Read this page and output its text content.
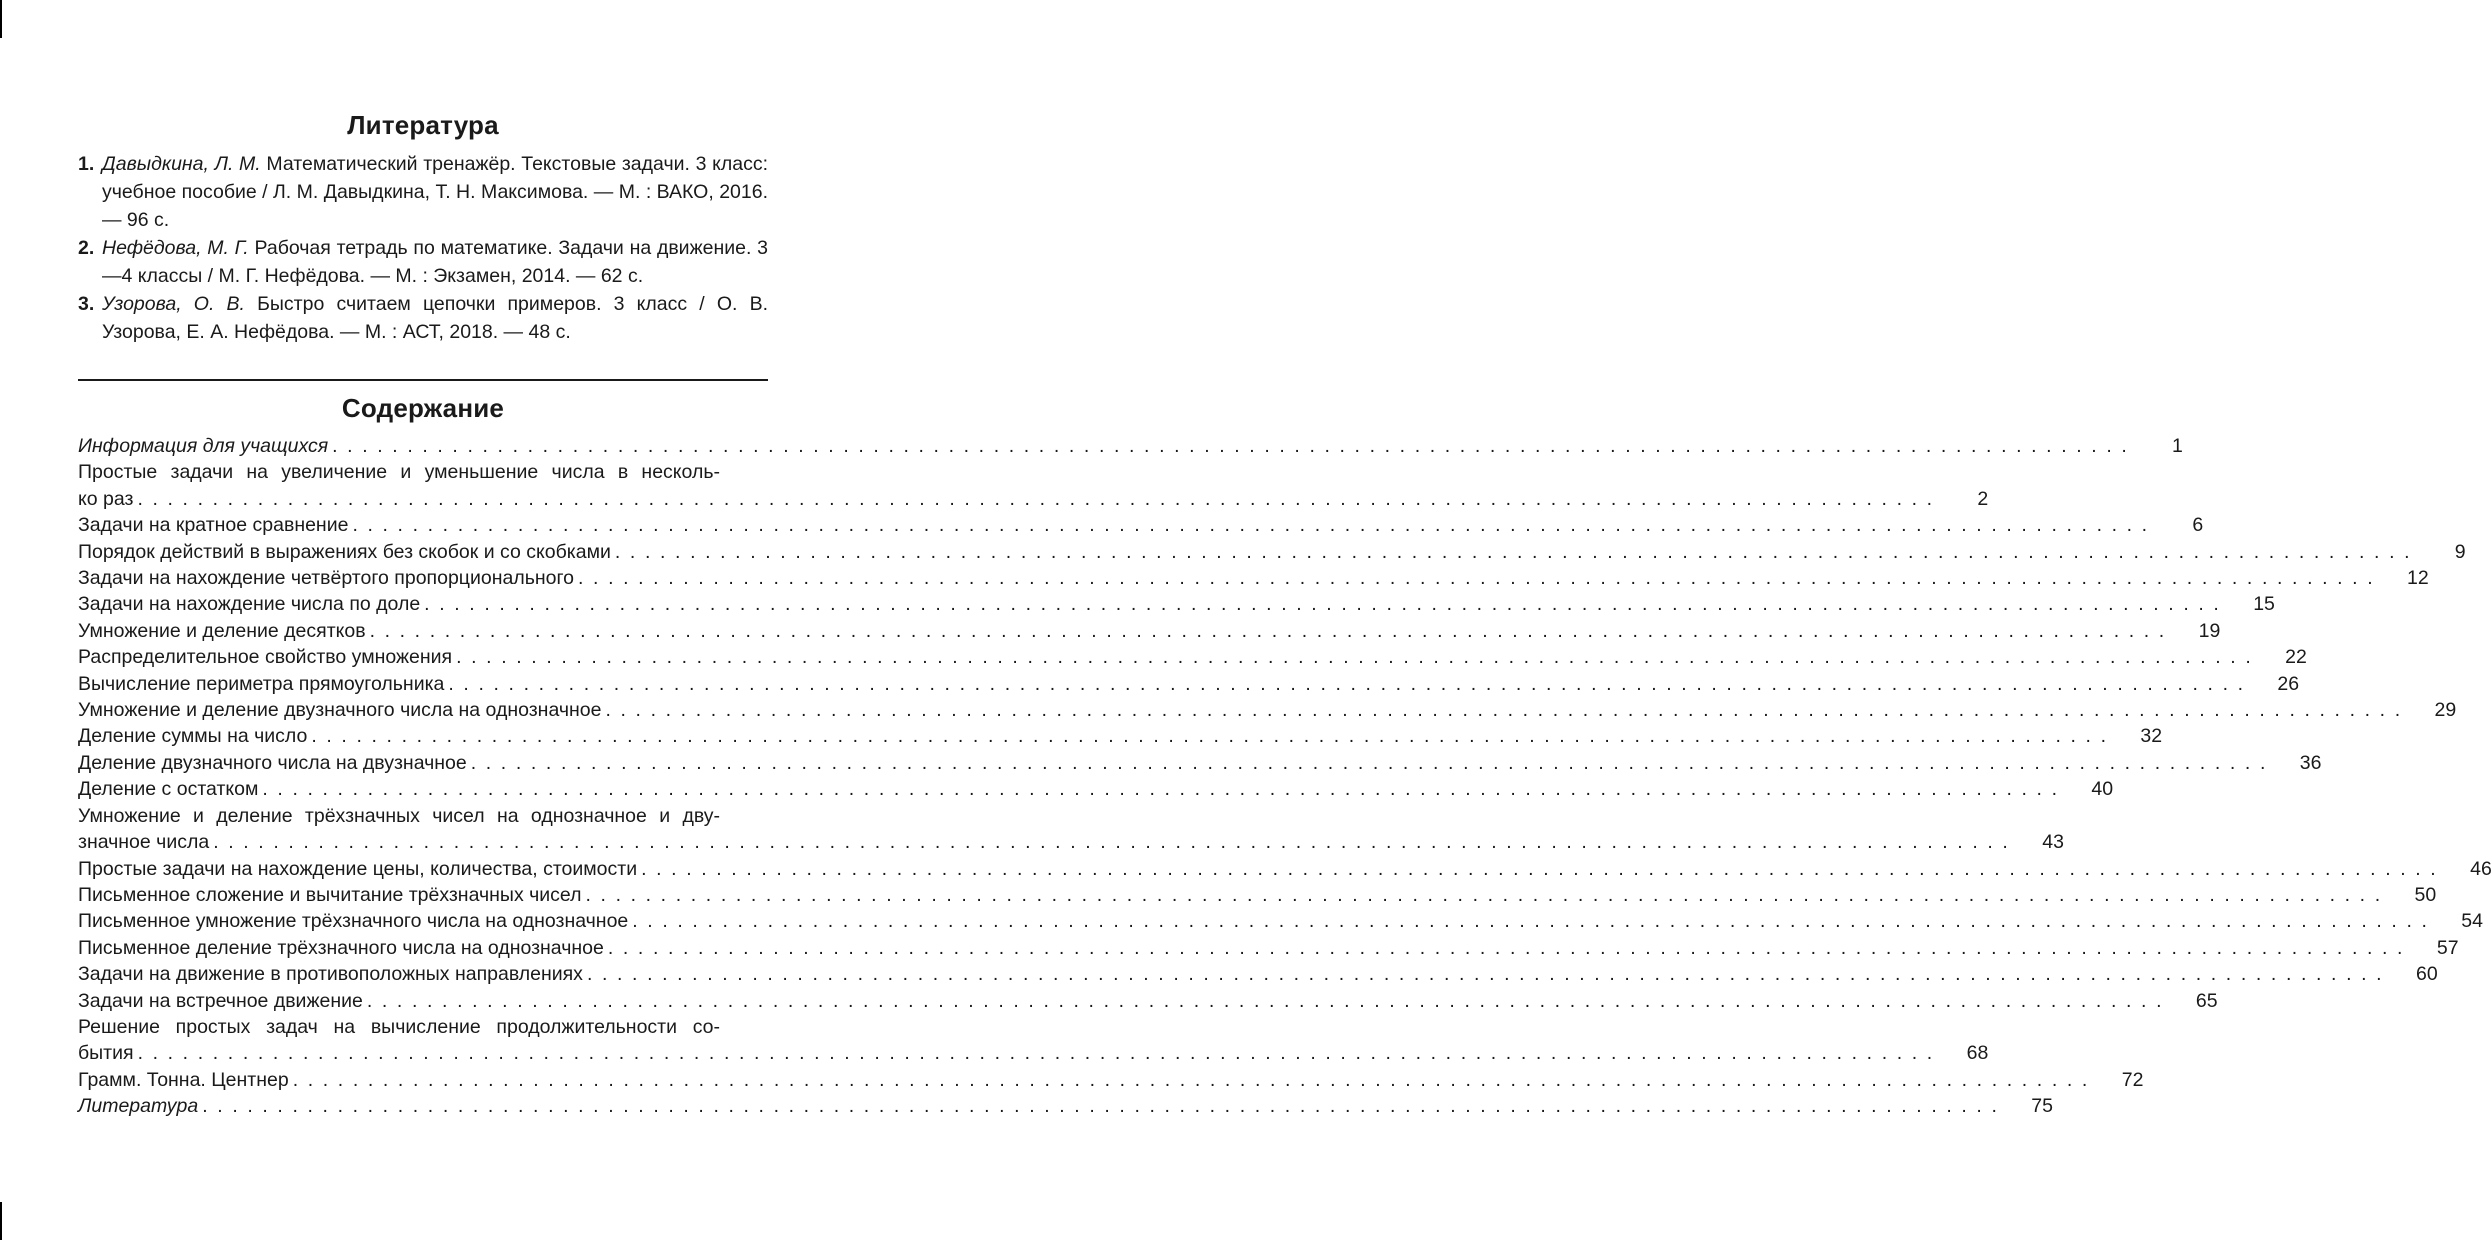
Литература
1. Давыдкина, Л. М. Математический тренажёр. Текстовые задачи. 3 класс: учебное пособие / Л. М. Давыдкина, Т. Н. Максимова. — М. : ВАКО, 2016. — 96 с.
2. Нефёдова, М. Г. Рабочая тетрадь по математике. Задачи на движение. 3—4 классы / М. Г. Нефёдова. — М. : Экзамен, 2014. — 62 с.
3. Узорова, О. В. Быстро считаем цепочки примеров. 3 класс / О. В. Узорова, Е. А. Нефёдова. — М. : АСТ, 2018. — 48 с.
Содержание
Информация для учащихся . . . . . . . . . . . . . . . . . . . . . . . . . . . . . . . . . . . . . . . . . . . . . . . . . . . . . . . . . . . . . . . . . . . . . . . . . . . . . . . . . . . . . . . . . . . . . . . . . . . . . . . . . . . . . . . . . . . . . . . .	1
Простые задачи на увеличение и уменьшение числа в несколь-
ко раз . . . . . . . . . . . . . . . . . . . . . . . . . . . . . . . . . . . . . . . . . . . . . . . . . . . . . . . . . . . . . . . . . . . . . . . . . . . . . . . . . . . . . . . . . . . . . . . . . . . . . . . . . . . . . . . . . . . . . . . .	2
Задачи на кратное сравнение . . . . . . . . . . . . . . . . . . . . . . . . . . . . . . . . . . . . . . . . . . . . . . . . . . . . . . . . . . . . . . . . . . . . . . . . . . . . . . . . . . . . . . . . . . . . . . . . . . . . . . . . . . . . . . . . . . . . . . . .	6
Порядок действий в выражениях без скобок и со скобками . . . . . . . . . . . . . . . . . . . . . . . . . . . . . . . . . . . . . . . . . . . . . . . . . . . . . . . . . . . . . . . . . . . . . . . . . . . . . . . . . . . . . . . . . . . . . . . . . . . . . . . . . . . . . . . . . . . . . . . .	9
Задачи на нахождение четвёртого пропорционального . . . . . . . . . . . . . . . . . . . . . . . . . . . . . . . . . . . . . . . . . . . . . . . . . . . . . . . . . . . . . . . . . . . . . . . . . . . . . . . . . . . . . . . . . . . . . . . . . . . . . . . . . . . . . . . . . . . . . . . .	12
Задачи на нахождение числа по доле . . . . . . . . . . . . . . . . . . . . . . . . . . . . . . . . . . . . . . . . . . . . . . . . . . . . . . . . . . . . . . . . . . . . . . . . . . . . . . . . . . . . . . . . . . . . . . . . . . . . . . . . . . . . . . . . . . . . . . . .	15
Умножение и деление десятков . . . . . . . . . . . . . . . . . . . . . . . . . . . . . . . . . . . . . . . . . . . . . . . . . . . . . . . . . . . . . . . . . . . . . . . . . . . . . . . . . . . . . . . . . . . . . . . . . . . . . . . . . . . . . . . . . . . . . . . .	19
Распределительное свойство умножения . . . . . . . . . . . . . . . . . . . . . . . . . . . . . . . . . . . . . . . . . . . . . . . . . . . . . . . . . . . . . . . . . . . . . . . . . . . . . . . . . . . . . . . . . . . . . . . . . . . . . . . . . . . . . . . . . . . . . . . .	22
Вычисление периметра прямоугольника . . . . . . . . . . . . . . . . . . . . . . . . . . . . . . . . . . . . . . . . . . . . . . . . . . . . . . . . . . . . . . . . . . . . . . . . . . . . . . . . . . . . . . . . . . . . . . . . . . . . . . . . . . . . . . . . . . . . . . . .	26
Умножение и деление двузначного числа на однозначное . . . . . . . . . . . . . . . . . . . . . . . . . . . . . . . . . . . . . . . . . . . . . . . . . . . . . . . . . . . . . . . . . . . . . . . . . . . . . . . . . . . . . . . . . . . . . . . . . . . . . . . . . . . . . . . . . . . . . . . .	29
Деление суммы на число . . . . . . . . . . . . . . . . . . . . . . . . . . . . . . . . . . . . . . . . . . . . . . . . . . . . . . . . . . . . . . . . . . . . . . . . . . . . . . . . . . . . . . . . . . . . . . . . . . . . . . . . . . . . . . . . . . . . . . . .	32
Деление двузначного числа на двузначное . . . . . . . . . . . . . . . . . . . . . . . . . . . . . . . . . . . . . . . . . . . . . . . . . . . . . . . . . . . . . . . . . . . . . . . . . . . . . . . . . . . . . . . . . . . . . . . . . . . . . . . . . . . . . . . . . . . . . . . .	36
Деление с остатком . . . . . . . . . . . . . . . . . . . . . . . . . . . . . . . . . . . . . . . . . . . . . . . . . . . . . . . . . . . . . . . . . . . . . . . . . . . . . . . . . . . . . . . . . . . . . . . . . . . . . . . . . . . . . . . . . . . . . . . .	40
Умножение и деление трёхзначных чисел на однозначное и дву-
значное числа . . . . . . . . . . . . . . . . . . . . . . . . . . . . . . . . . . . . . . . . . . . . . . . . . . . . . . . . . . . . . . . . . . . . . . . . . . . . . . . . . . . . . . . . . . . . . . . . . . . . . . . . . . . . . . . . . . . . . . . .	43
Простые задачи на нахождение цены, количества, стоимости . . . . . . . . . . . . . . . . . . . . . . . . . . . . . . . . . . . . . . . . . . . . . . . . . . . . . . . . . . . . . . . . . . . . . . . . . . . . . . . . . . . . . . . . . . . . . . . . . . . . . . . . . . . . . . . . . . . . . . . .	46
Письменное сложение и вычитание трёхзначных чисел . . . . . . . . . . . . . . . . . . . . . . . . . . . . . . . . . . . . . . . . . . . . . . . . . . . . . . . . . . . . . . . . . . . . . . . . . . . . . . . . . . . . . . . . . . . . . . . . . . . . . . . . . . . . . . . . . . . . . . . .	50
Письменное умножение трёхзначного числа на однозначное . . . . . . . . . . . . . . . . . . . . . . . . . . . . . . . . . . . . . . . . . . . . . . . . . . . . . . . . . . . . . . . . . . . . . . . . . . . . . . . . . . . . . . . . . . . . . . . . . . . . . . . . . . . . . . . . . . . . . . . .	54
Письменное деление трёхзначного числа на однозначное . . . . . . . . . . . . . . . . . . . . . . . . . . . . . . . . . . . . . . . . . . . . . . . . . . . . . . . . . . . . . . . . . . . . . . . . . . . . . . . . . . . . . . . . . . . . . . . . . . . . . . . . . . . . . . . . . . . . . . . .	57
Задачи на движение в противоположных направлениях . . . . . . . . . . . . . . . . . . . . . . . . . . . . . . . . . . . . . . . . . . . . . . . . . . . . . . . . . . . . . . . . . . . . . . . . . . . . . . . . . . . . . . . . . . . . . . . . . . . . . . . . . . . . . . . . . . . . . . . .	60
Задачи на встречное движение . . . . . . . . . . . . . . . . . . . . . . . . . . . . . . . . . . . . . . . . . . . . . . . . . . . . . . . . . . . . . . . . . . . . . . . . . . . . . . . . . . . . . . . . . . . . . . . . . . . . . . . . . . . . . . . . . . . . . . . .	65
Решение простых задач на вычисление продолжительности со-
бытия . . . . . . . . . . . . . . . . . . . . . . . . . . . . . . . . . . . . . . . . . . . . . . . . . . . . . . . . . . . . . . . . . . . . . . . . . . . . . . . . . . . . . . . . . . . . . . . . . . . . . . . . . . . . . . . . . . . . . . . .	68
Грамм. Тонна. Центнер . . . . . . . . . . . . . . . . . . . . . . . . . . . . . . . . . . . . . . . . . . . . . . . . . . . . . . . . . . . . . . . . . . . . . . . . . . . . . . . . . . . . . . . . . . . . . . . . . . . . . . . . . . . . . . . . . . . . . . . .	72
Литература . . . . . . . . . . . . . . . . . . . . . . . . . . . . . . . . . . . . . . . . . . . . . . . . . . . . . . . . . . . . . . . . . . . . . . . . . . . . . . . . . . . . . . . . . . . . . . . . . . . . . . . . . . . . . . . . . . . . . . . .	75
